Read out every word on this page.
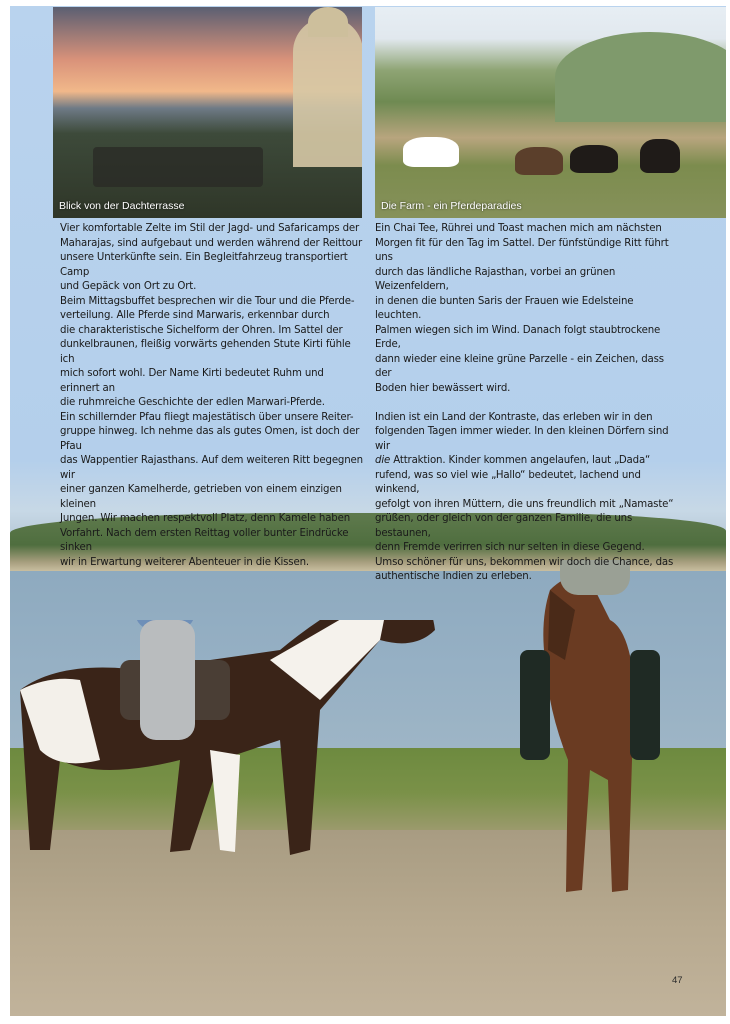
Blick von der Dachterrasse	Die Farm - ein Pferdeparadies

Vier komfortable Zelte im Stil der Jagd- und Safaricamps der

Maharajas, sind aufgebaut und werden während der Reittour

unsere Unterkünfte sein. Ein Begleitfahrzeug transportiert Camp

und Gepäck von Ort zu Ort.

Beim Mittagsbuffet besprechen wir die Tour und die Pferde-

verteilung. Alle Pferde sind Marwaris, erkennbar durch

die charakteristische Sichelform der Ohren. Im Sattel der

dunkelbraunen, fleißig vorwärts gehenden Stute Kirti fühle ich

mich sofort wohl. Der Name Kirti bedeutet Ruhm und erinnert an

die ruhmreiche Geschichte der edlen Marwari-Pferde.

Ein schillernder Pfau fliegt majestätisch über unsere Reiter-

gruppe hinweg. Ich nehme das als gutes Omen, ist doch der Pfau

das Wappentier Rajasthans. Auf dem weiteren Ritt begegnen wir

einer ganzen Kamelherde, getrieben von einem einzigen kleinen

Jungen. Wir machen respektvoll Platz, denn Kamele haben

Vorfahrt. Nach dem ersten Reittag voller bunter Eindrücke sinken

wir in Erwartung weiterer Abenteuer in die Kissen.

Ein Chai Tee, Rührei und Toast machen mich am nächsten

Morgen fit für den Tag im Sattel. Der fünfstündige Ritt führt uns

durch das ländliche Rajasthan, vorbei an grünen Weizenfeldern,

in denen die bunten Saris der Frauen wie Edelsteine leuchten.

Palmen wiegen sich im Wind. Danach folgt staubtrockene Erde,

dann wieder eine kleine grüne Parzelle - ein Zeichen, dass der

Boden hier bewässert wird.

Indien ist ein Land der Kontraste, das erleben wir in den

folgenden Tagen immer wieder. In den kleinen Dörfern sind wir

die Attraktion. Kinder kommen angelaufen, laut „Dada“

rufend, was so viel wie „Hallo“ bedeutet, lachend und winkend,

gefolgt von ihren Müttern, die uns freundlich mit „Namaste“

grüßen, oder gleich von der ganzen Familie, die uns bestaunen,

denn Fremde verirren sich nur selten in diese Gegend.

Umso schöner für uns, bekommen wir doch die Chance, das

authentische Indien zu erleben.

47
